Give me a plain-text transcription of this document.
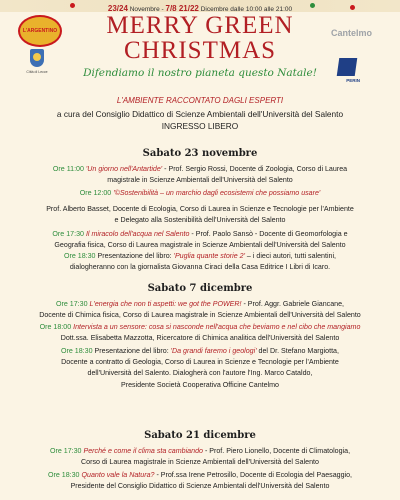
23/24 Novembre - 7/8 21/22 Dicembre dalle 10:00 alle 21:00
MERRY GREEN
CHRISTMAS
Difendiamo il nostro pianeta questo Natale!
L'ARGENTINO
Città di Lecce
Cantelmo
PERIN
L'AMBIENTE RACCONTATO DAGLI ESPERTI
a cura del Consiglio Didattico di Scienze Ambientali dell'Università del Salento
INGRESSO LIBERO
Sabato 23 novembre
Ore 11:00 'Un giorno nell'Antartide' - Prof. Sergio Rossi, Docente di Zoologia, Corso di Laurea
magistrale in Scienze Ambientali dell'Università del Salento
Ore 12:00 '©Sostenibilità – un marchio dagli ecosistemi che possiamo usare'
Prof. Alberto Basset, Docente di Ecologia, Corso di Laurea in Scienze e Tecnologie per l'Ambiente
e Delegato alla Sostenibilità dell'Università del Salento
Ore 17:30 Il miracolo dell'acqua nel Salento - Prof. Paolo Sansò - Docente di Geomorfologia e
Geografia fisica, Corso di Laurea magistrale in Scienze Ambientali dell'Università del Salento
Ore 18:30 Presentazione del libro: 'Puglia quante storie 2' – i dieci autori, tutti salentini,
dialogheranno con la giornalista Giovanna Ciraci della Casa Editrice I Libri di Icaro.
Sabato 7 dicembre
Ore 17:30 L'energia che non ti aspetti: we got the POWER! - Prof. Aggr. Gabriele Giancane,
Docente di Chimica fisica, Corso di Laurea magistrale in Scienze Ambientali dell'Università del Salento
Ore 18:00 Intervista a un sensore: cosa si nasconde nell'acqua che beviamo e nel cibo che mangiamo
Dott.ssa. Elisabetta Mazzotta, Ricercatore di Chimica analitica dell'Università del Salento
Ore 18:30 Presentazione del libro: 'Da grandi faremo i geologi' del Dr. Stefano Margiotta,
Docente a contratto di Geologia, Corso di Laurea in Scienze e Tecnologie per l'Ambiente
dell'Università del Salento. Dialogherà con l'autore l'Ing. Marco Cataldo,
Presidente Società Cooperativa Officine Cantelmo
Sabato 21 dicembre
Ore 17:30 Perché e come il clima sta cambiando - Prof. Piero Lionello, Docente di Climatologia,
Corso di Laurea magistrale in Scienze Ambientali dell'Università del Salento
Ore 18:30 Quanto vale la Natura? - Prof.ssa Irene Petrosillo, Docente di Ecologia del Paesaggio,
Presidente del Consiglio Didattico di Scienze Ambientali dell'Università del Salento
